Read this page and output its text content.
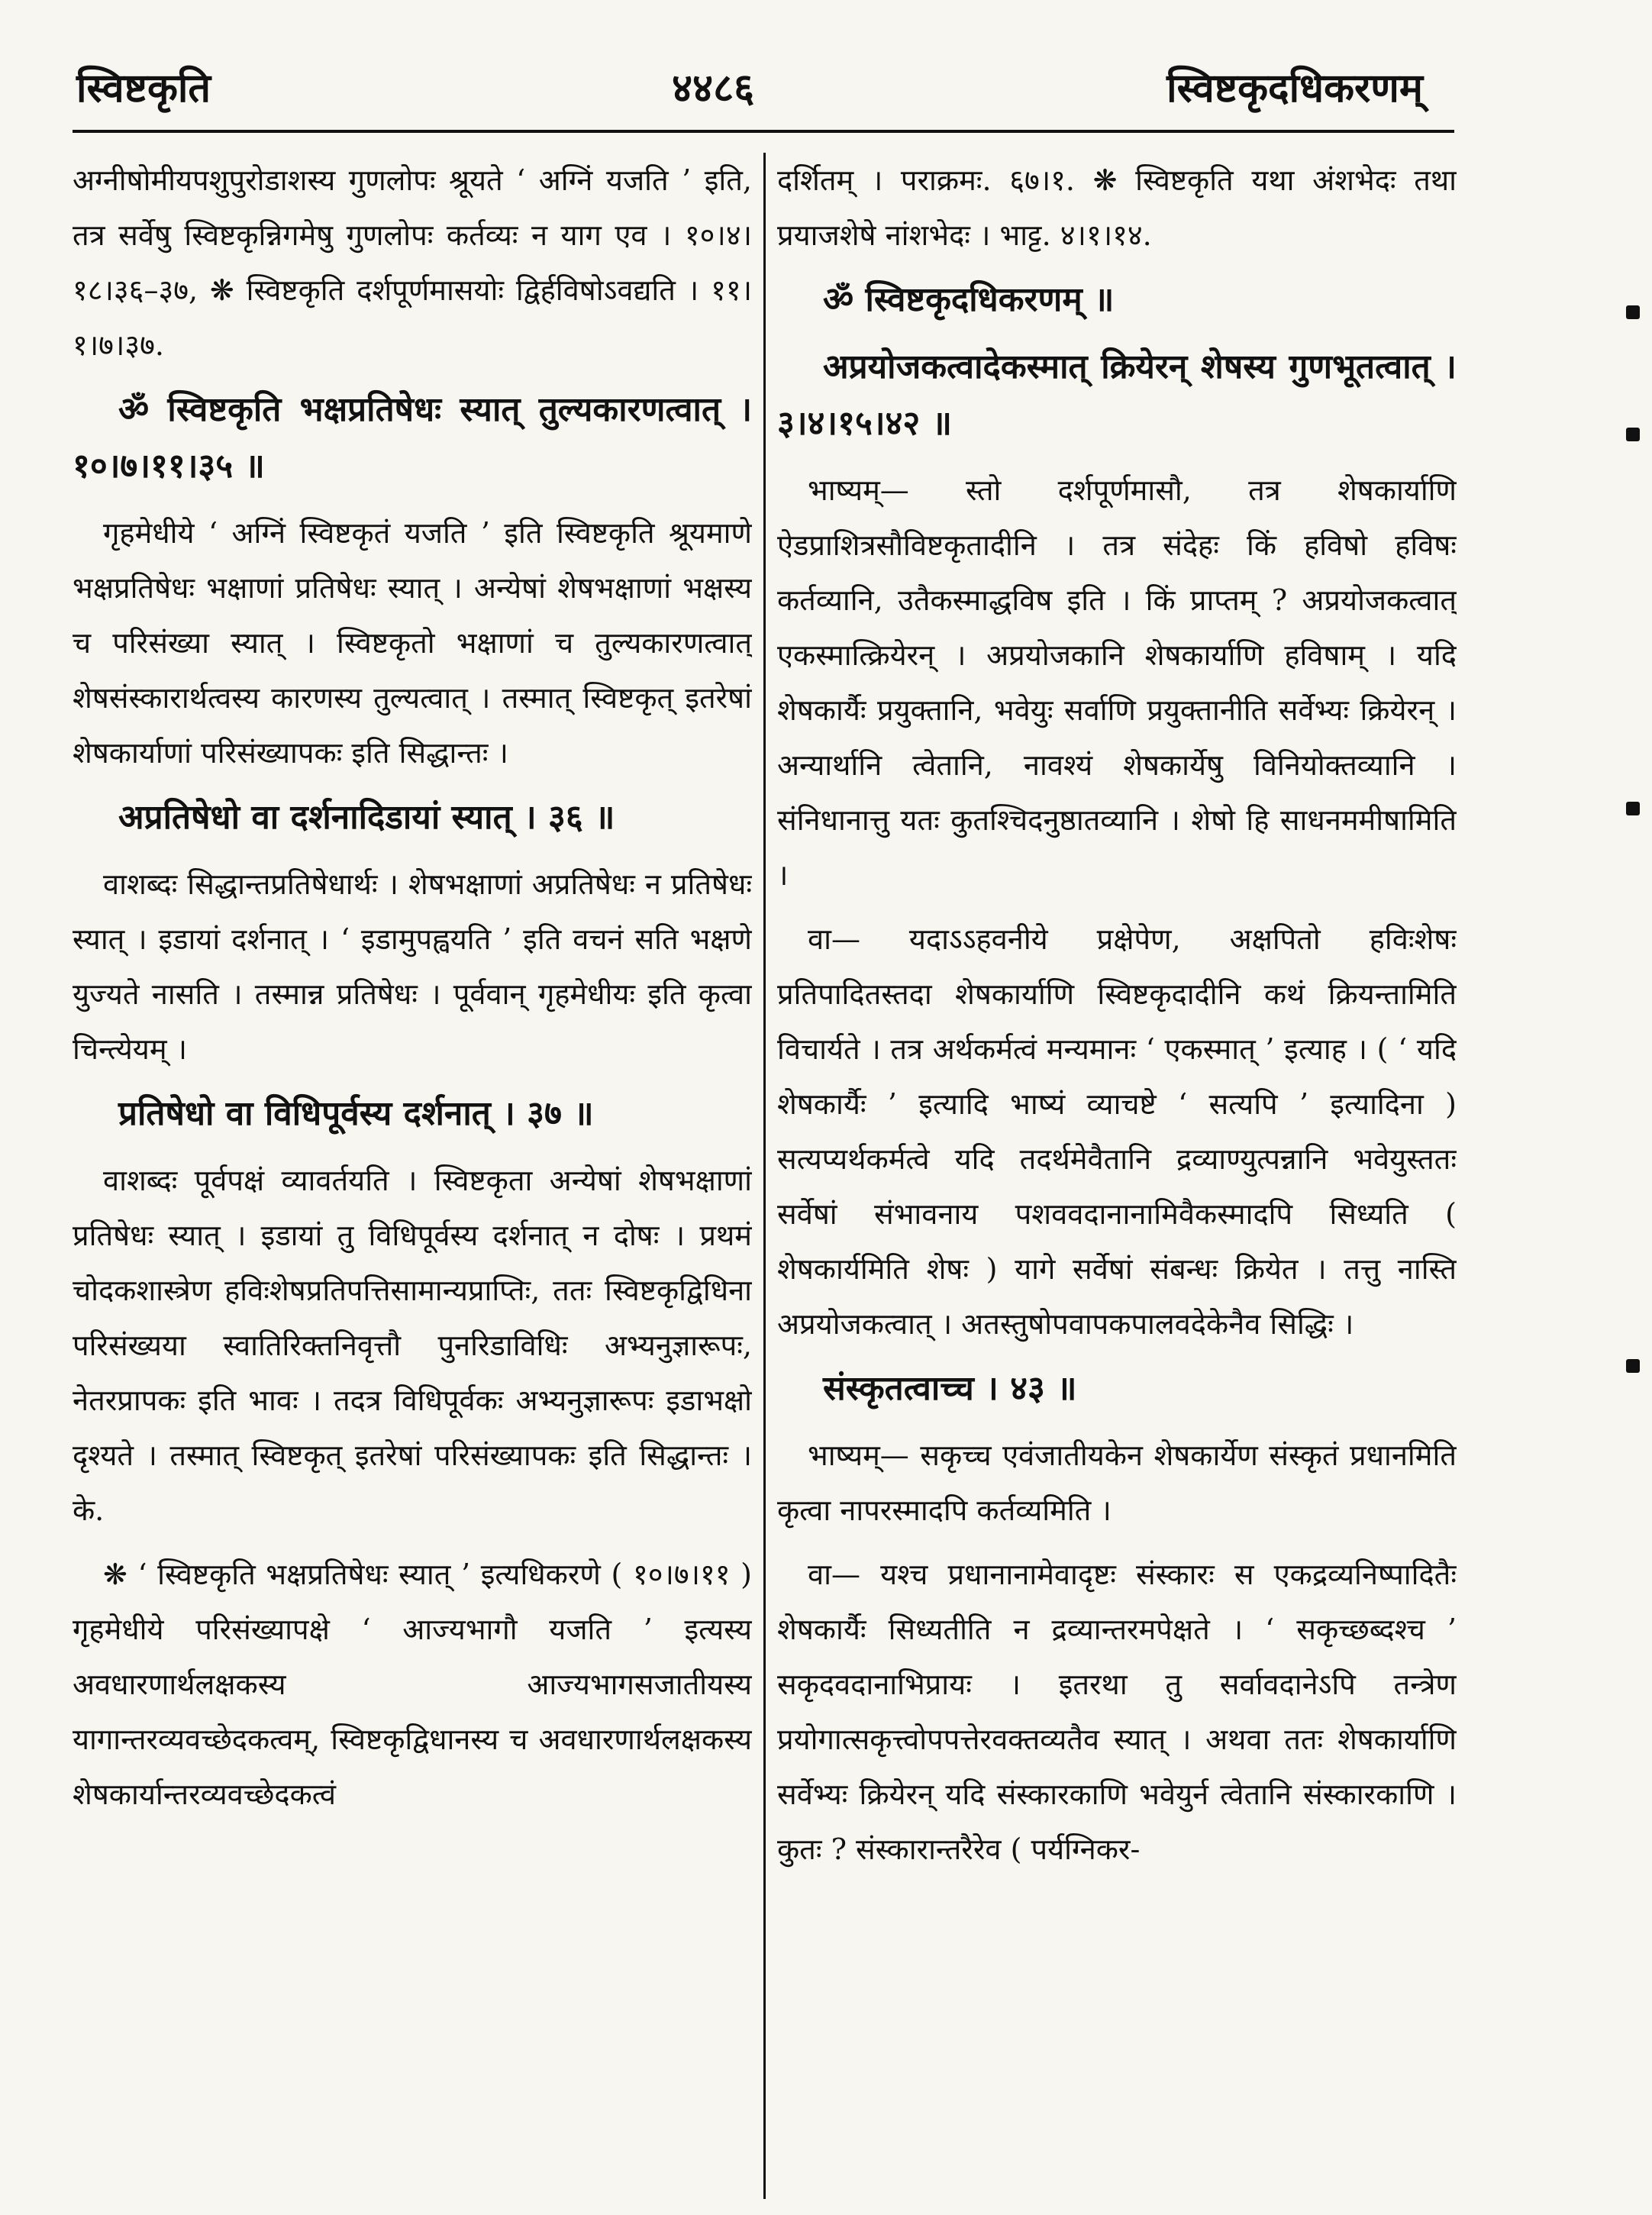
स्विष्टकृति	४४८६	स्विष्टकृदधिकरणम्

अग्नीषोमीयपशुपुरोडाशस्य गुणलोपः श्रूयते ‘ अग्निं यजति ’ इति, तत्र सर्वेषु स्विष्टकृन्निगमेषु गुणलोपः कर्तव्यः न याग एव । १०।४।१८।३६–३७, ❋ स्विष्टकृति दर्शपूर्णमासयोः द्विर्हविषोऽवद्यति । ११।१।७।३७.

ॐ स्विष्टकृति भक्षप्रतिषेधः स्यात् तुल्यकारणत्वात् । १०।७।११।३५ ॥

गृहमेधीये ‘ अग्निं स्विष्टकृतं यजति ’ इति स्विष्टकृति श्रूयमाणे भक्षप्रतिषेधः भक्षाणां प्रतिषेधः स्यात् । अन्येषां शेषभक्षाणां भक्षस्य च परिसंख्या स्यात् । स्विष्टकृतो भक्षाणां च तुल्यकारणत्वात् शेषसंस्कारार्थत्वस्य कारणस्य तुल्यत्वात् । तस्मात् स्विष्टकृत् इतरेषां शेषकार्याणां परिसंख्यापकः इति सिद्धान्तः ।

अप्रतिषेधो वा दर्शनादिडायां स्यात् । ३६ ॥

वाशब्दः सिद्धान्तप्रतिषेधार्थः । शेषभक्षाणां अप्रतिषेधः न प्रतिषेधः स्यात् । इडायां दर्शनात् । ‘ इडामुपह्वयति ’ इति वचनं सति भक्षणे युज्यते नासति । तस्मान्न प्रतिषेधः । पूर्ववान् गृहमेधीयः इति कृत्वा चिन्त्येयम् ।

प्रतिषेधो वा विधिपूर्वस्य दर्शनात् । ३७ ॥

वाशब्दः पूर्वपक्षं व्यावर्तयति । स्विष्टकृता अन्येषां शेषभक्षाणां प्रतिषेधः स्यात् । इडायां तु विधिपूर्वस्य दर्शनात् न दोषः । प्रथमं चोदकशास्त्रेण हविःशेषप्रतिपत्तिसामान्यप्राप्तिः, ततः स्विष्टकृद्विधिना परिसंख्यया स्वातिरिक्तनिवृत्तौ पुनरिडाविधिः अभ्यनुज्ञारूपः, नेतरप्रापकः इति भावः । तदत्र विधिपूर्वकः अभ्यनुज्ञारूपः इडाभक्षो दृश्यते । तस्मात् स्विष्टकृत् इतरेषां परिसंख्यापकः इति सिद्धान्तः । के.

❋ ‘ स्विष्टकृति भक्षप्रतिषेधः स्यात् ’ इत्यधिकरणे ( १०।७।११ ) गृहमेधीये परिसंख्यापक्षे ‘ आज्यभागौ यजति ’ इत्यस्य अवधारणार्थलक्षकस्य आज्यभागसजातीयस्य यागान्तरव्यवच्छेदकत्वम्, स्विष्टकृद्विधानस्य च अवधारणार्थलक्षकस्य शेषकार्यान्तरव्यवच्छेदकत्वं

दर्शितम् । पराक्रमः. ६७।१. ❋ स्विष्टकृति यथा अंशभेदः तथा प्रयाजशेषे नांशभेदः । भाट्ट. ४।१।१४.

ॐ स्विष्टकृदधिकरणम् ॥

अप्रयोजकत्वादेकस्मात् क्रियेरन् शेषस्य गुणभूतत्वात् । ३।४।१५।४२ ॥

भाष्यम्— स्तो दर्शपूर्णमासौ, तत्र शेषकार्याणि ऐडप्राशित्रसौविष्टकृतादीनि । तत्र संदेहः किं हविषो हविषः कर्तव्यानि, उतैकस्माद्धविष इति । किं प्राप्तम् ? अप्रयोजकत्वात् एकस्मात्क्रियेरन् । अप्रयोजकानि शेषकार्याणि हविषाम् । यदि शेषकार्यैः प्रयुक्तानि, भवेयुः सर्वाणि प्रयुक्तानीति सर्वेभ्यः क्रियेरन् । अन्यार्थानि त्वेतानि, नावश्यं शेषकार्येषु विनियोक्तव्यानि । संनिधानात्तु यतः कुतश्चिदनुष्ठातव्यानि । शेषो हि साधनममीषामिति ।

वा— यदाऽऽहवनीये प्रक्षेपेण, अक्षपितो हविःशेषः प्रतिपादितस्तदा शेषकार्याणि स्विष्टकृदादीनि कथं क्रियन्तामिति विचार्यते । तत्र अर्थकर्मत्वं मन्यमानः ‘ एकस्मात् ’ इत्याह । ( ‘ यदि शेषकार्यैः ’ इत्यादि भाष्यं व्याचष्टे ‘ सत्यपि ’ इत्यादिना ) सत्यप्यर्थकर्मत्वे यदि तदर्थमेवैतानि द्रव्याण्युत्पन्नानि भवेयुस्ततः सर्वेषां संभावनाय पशववदानानामिवैकस्मादपि सिध्यति ( शेषकार्यमिति शेषः ) यागे सर्वेषां संबन्धः क्रियेत । तत्तु नास्ति अप्रयोजकत्वात् । अतस्तुषोपवापकपालवदेकेनैव सिद्धिः ।

संस्कृतत्वाच्च । ४३ ॥

भाष्यम्— सकृच्च एवंजातीयकेन शेषकार्येण संस्कृतं प्रधानमिति कृत्वा नापरस्मादपि कर्तव्यमिति ।

वा— यश्च प्रधानानामेवादृष्टः संस्कारः स एकद्रव्यनिष्पादितैः शेषकार्यैः सिध्यतीति न द्रव्यान्तरमपेक्षते । ‘ सकृच्छब्दश्च ’ सकृदवदानाभिप्रायः । इतरथा तु सर्वावदानेऽपि तन्त्रेण प्रयोगात्सकृत्त्वोपपत्तेरवक्तव्यतैव स्यात् । अथवा ततः शेषकार्याणि सर्वेभ्यः क्रियेरन् यदि संस्कारकाणि भवेयुर्न त्वेतानि संस्कारकाणि । कुतः ? संस्कारान्तरैरेव ( पर्यग्निकर-
